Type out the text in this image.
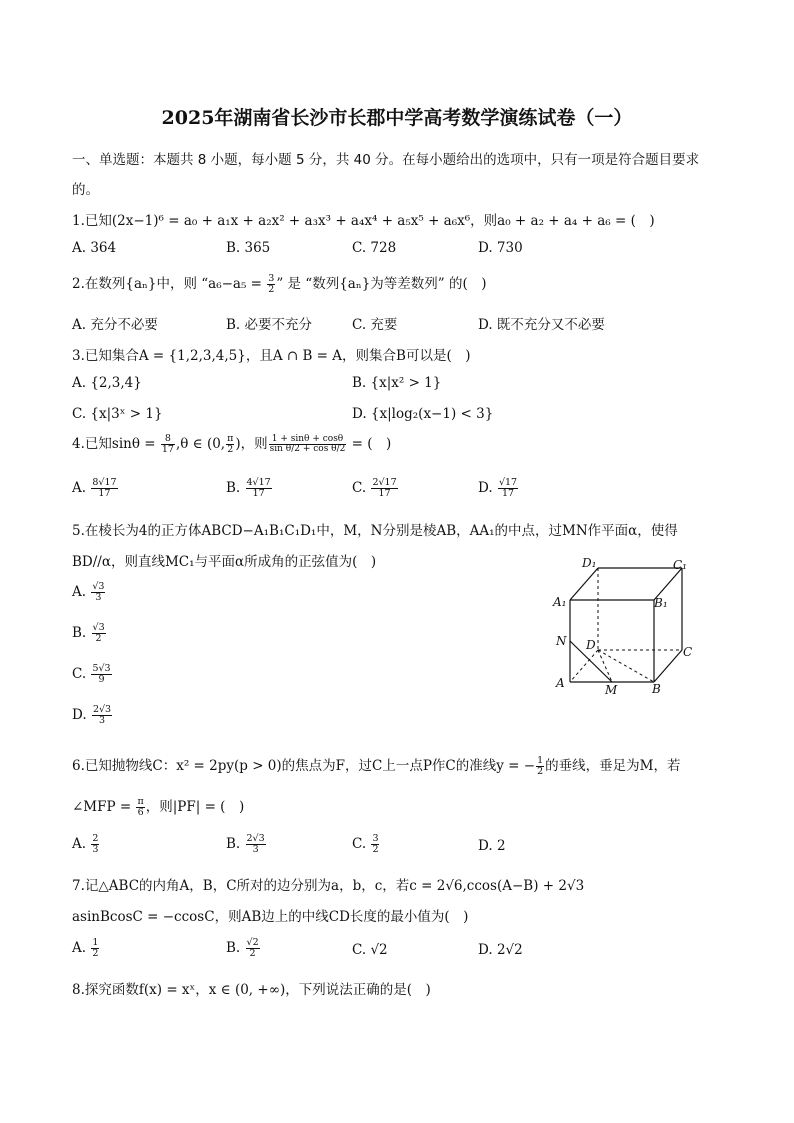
2025年湖南省长沙市长郡中学高考数学演练试卷（一）
一、单选题：本题共 8 小题，每小题 5 分，共 40 分。在每小题给出的选项中，只有一项是符合题目要求
的。
1.已知(2x−1)⁶ = a₀ + a₁x + a₂x² + a₃x³ + a₄x⁴ + a₅x⁵ + a₆x⁶，则a₀ + a₂ + a₄ + a₆ = (　)
A. 364	B. 365	C. 728	D. 730
2.在数列{aₙ}中，则 “$a_6-a_5 = \frac{3}{2}$ ” 是 “数列{aₙ}为等差数列” 的(　)
A. 充分不必要	B. 必要不充分	C. 充要	D. 既不充分又不必要
3.已知集合A = {1,2,3,4,5}，且A ∩ B = A，则集合B可以是(　)
A. {2,3,4}	B. {x|x² > 1}
C. {x|3ˣ > 1}	D. {x|log₂(x−1) < 3}
4.已知$\sin\theta = \frac{8}{17} ,\theta$ ∈ (0, $\frac{\pi}{2}$ )，则 $\frac{1 + \sin\theta + \cos\theta}{\text{sin θ/2 + cos θ/2}}$ = (　)
A. $\frac{8√17}{17}$	B. $\frac{4√17}{17}$	C. $\frac{2√17}{17}$	D. $\frac{√17}{17}$
5.在棱长为4的正方体ABCD−A₁B₁C₁D₁中，M，N分别是棱AB，AA₁的中点，过MN作平面α，使得
BD//α，则直线MC₁与平面α所成角的正弦值为(　)
A. $\frac{√3}{3}$
B. $\frac{√3}{2}$
C. $\frac{5√3}{9}$
D. $\frac{2√3}{3}$
D₁	C₁
A₁	B₁
N D	C
A	M	B
6.已知抛物线C：x² = 2py(p > 0)的焦点为F，过C上一点P作C的准线y = − $\frac{1}{2}$ 的垂线，垂足为M，若
∠MFP = $\frac{\pi}{6}$ ，则|PF| = (　)
A. $\frac{2}{3}$	B. $\frac{2√3}{3}$	C. $\frac{3}{2}$	D. 2
7.记△ABC的内角A，B，C所对的边分别为a，b，c，若c = 2√6,ccos(A−B) + 2√3
asinBcosC = −ccosC，则AB边上的中线CD长度的最小值为(　)
A. $\frac{1}{2}$	B. $\frac{√2}{2}$	C. √2	D. 2√2
8.探究函数f(x) = xˣ，x ∈ (0, +∞)，下列说法正确的是(　)
